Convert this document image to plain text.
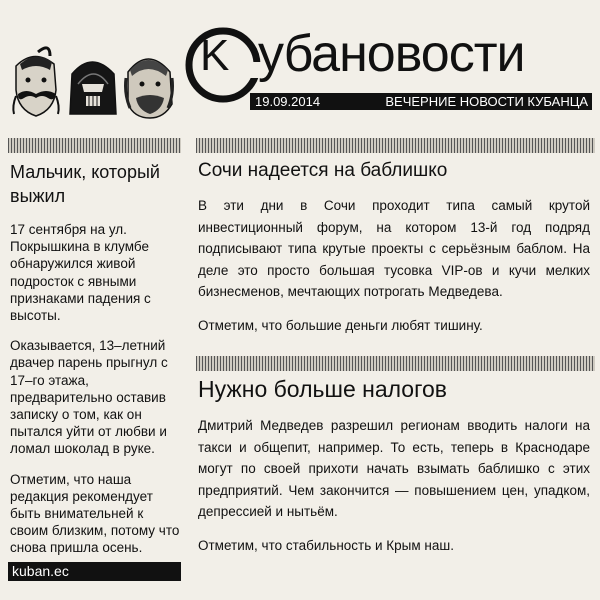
K убановости
19.09.2014	ВЕЧЕРНИЕ НОВОСТИ КУБАНЦА
Мальчик, который выжил

17 сентября на ул. Покрышкина в клумбе обнаружился живой подросток с явными признаками падения с высоты.

Оказывается, 13–летний двачер парень прыгнул с 17–го этажа, предварительно оставив записку о том, как он пытался уйти от любви и ломал шоколад в руке.

Отметим, что наша редакция рекомендует быть внимательней к своим близким, потому что снова пришла осень.

kuban.ec
Сочи надеется на баблишко

В эти дни в Сочи проходит типа самый крутой инвестиционный форум, на котором 13-й год подряд подписывают типа крутые проекты с серьёзным баблом. На деле это просто большая тусовка VIP-ов и кучи мелких бизнесменов, мечтающих потрогать Медведева.

Отметим, что большие деньги любят тишину.

Нужно больше налогов

Дмитрий Медведев разрешил регионам вводить налоги на такси и общепит, например. То есть, теперь в Краснодаре могут по своей прихоти начать взымать баблишко с этих предприятий. Чем закончится — повышением цен, упадком, депрессией и нытьём.

Отметим, что стабильность и Крым наш.
